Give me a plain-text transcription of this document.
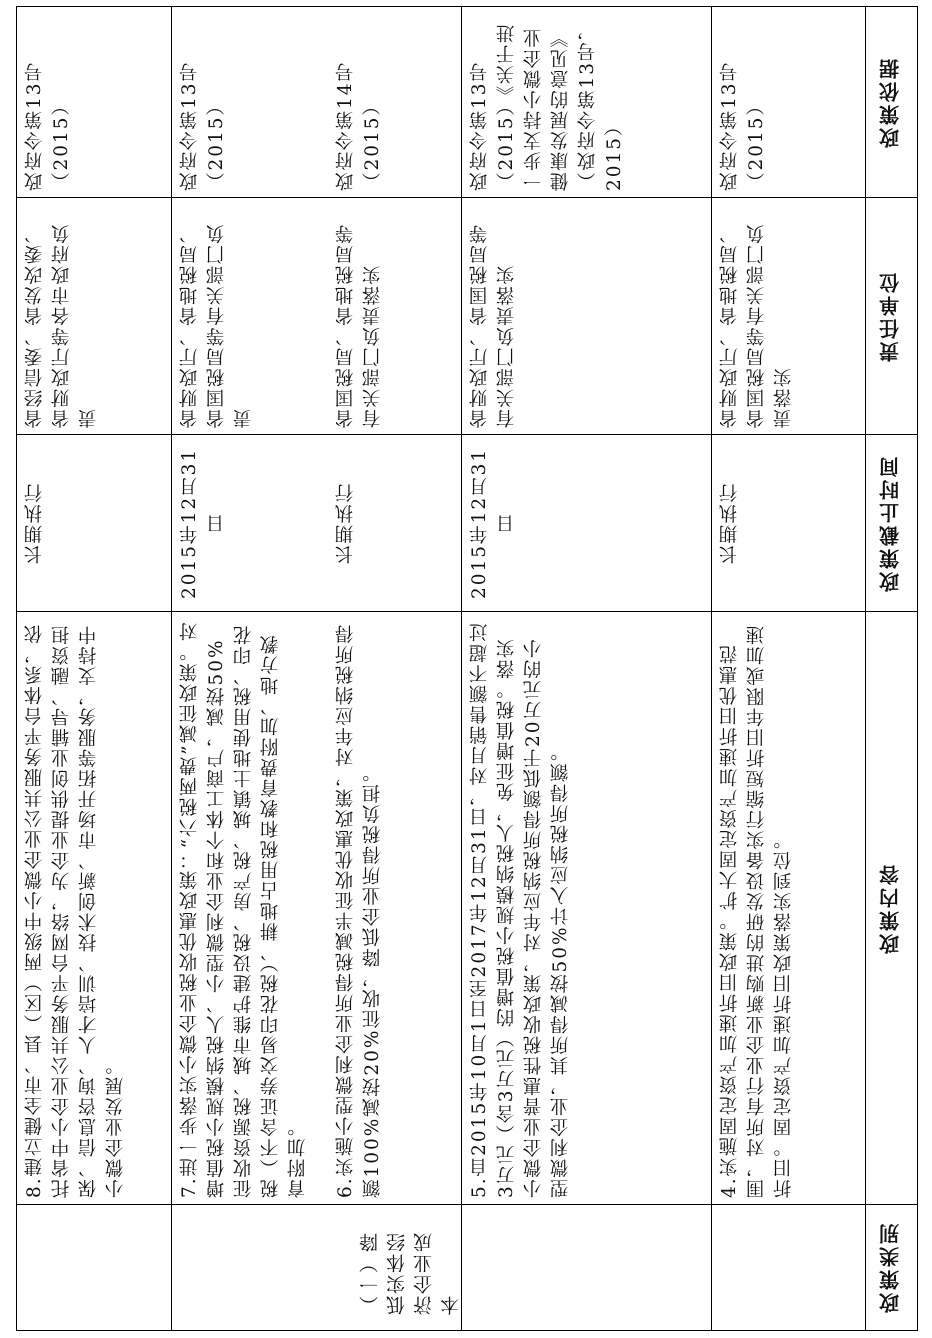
政策依据
责任单位
政策截止时间
政策内容
政策类别
（一）降低实体经济企业成本
政府令第13号（2015）
省财政厅、省地税局、省国税局等有关部门负责落实
长期执行
4.实施固定资产加速折旧政策。扩大固定资产加速折旧优惠范围，对所有行业企业新购进的研发设备实行缩短折旧年限或加速折旧。固定资产加速折旧政策落实到位。
政府令第13号（2015）《关于进一步支持小微企业健康发展的意见》（政府令第13号，2015）
省财政厅、省国税局等有关部门负责落实
2015年12月31日
5.自2015年10月1日至2017年12月31日，对月销售额不超过3万元（含3万元）的增值税小规模纳税人，免征增值税。落实小微企业普惠性税收政策，对年应纳税所得额低于20万元的小型微利企业，其所得减按50%计入应纳税所得额。
政府令第14号（2015）
省国税局、省地税局等有关部门负责落实
长期执行
6.实施小型微利企业所得税减半征收优惠政策，对年应纳税所得额100%减按20%征收，降低企业所得税负担。
政府令第13号（2015）
省财政厅、省地税局、省国税局等有关部门负责
2015年12月31日
7.进一步落实小微企业税收优惠政策：“六税两费”减征政策。对增值税小规模纳税人、小型微利企业和个体工商户，减按50%征收资源税、城市维护建设税、房产税、城镇土地使用税、印花税（不含证券交易印花税）、耕地占用税和教育费附加、地方教育附加。
政府令第13号（2015）
省经信委、省发改委、省财政厅等各市政府负责
长期执行
8.建立健全市、县（区）两级中小微企业公共服务平台体系，依托省中小企业公共服务平台网络，为企业提供创业辅导、融资担保、信息咨询、人才培训、技术创新、市场开拓等服务，支持中小微企业发展。
